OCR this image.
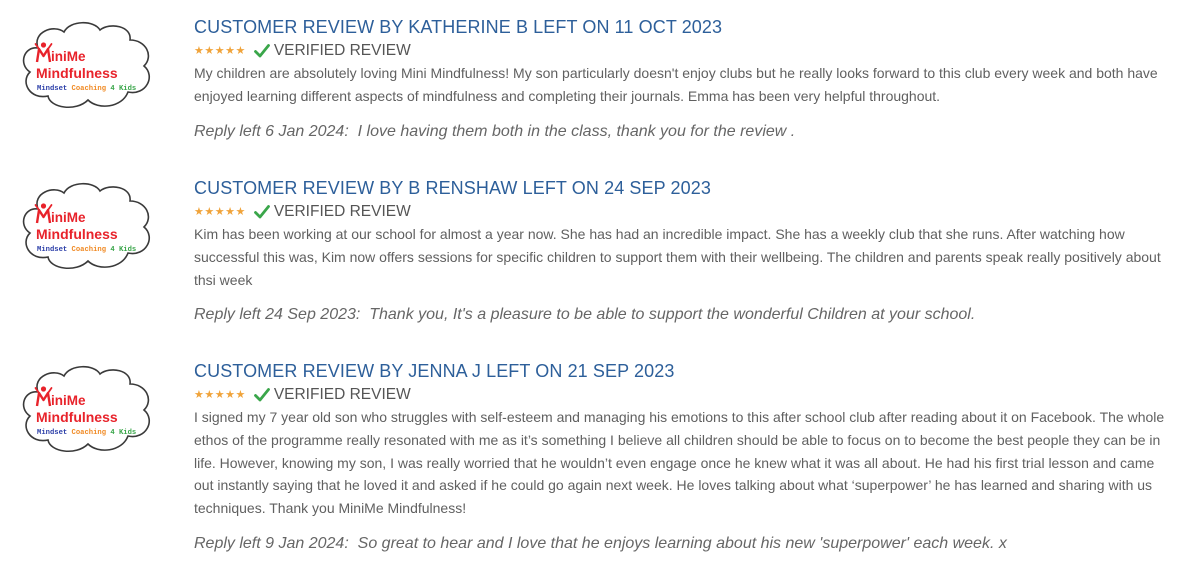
iniMe
Mindfulness
Mindset Coaching 4 Kids
CUSTOMER REVIEW BY KATHERINE B LEFT ON 11 OCT 2023
★★★★★ VERIFIED REVIEW
My children are absolutely loving Mini Mindfulness! My son particularly doesn't enjoy clubs but he really looks forward to this club every week and both have enjoyed learning different aspects of mindfulness and completing their journals. Emma has been very helpful throughout.
Reply left 6 Jan 2024:  I love having them both in the class, thank you for the review .
iniMe
Mindfulness
Mindset Coaching 4 Kids
CUSTOMER REVIEW BY B RENSHAW LEFT ON 24 SEP 2023
★★★★★ VERIFIED REVIEW
Kim has been working at our school for almost a year now. She has had an incredible impact. She has a weekly club that she runs. After watching how successful this was, Kim now offers sessions for specific children to support them with their wellbeing. The children and parents speak really positively about thsi week
Reply left 24 Sep 2023:  Thank you, It's a pleasure to be able to support the wonderful Children at your school.
iniMe
Mindfulness
Mindset Coaching 4 Kids
CUSTOMER REVIEW BY JENNA J LEFT ON 21 SEP 2023
★★★★★ VERIFIED REVIEW
I signed my 7 year old son who struggles with self-esteem and managing his emotions to this after school club after reading about it on Facebook. The whole ethos of the programme really resonated with me as it’s something I believe all children should be able to focus on to become the best people they can be in life. However, knowing my son, I was really worried that he wouldn’t even engage once he knew what it was all about. He had his first trial lesson and came out instantly saying that he loved it and asked if he could go again next week. He loves talking about what ‘superpower’ he has learned and sharing with us techniques. Thank you MiniMe Mindfulness!
Reply left 9 Jan 2024:  So great to hear and I love that he enjoys learning about his new 'superpower' each week. x
